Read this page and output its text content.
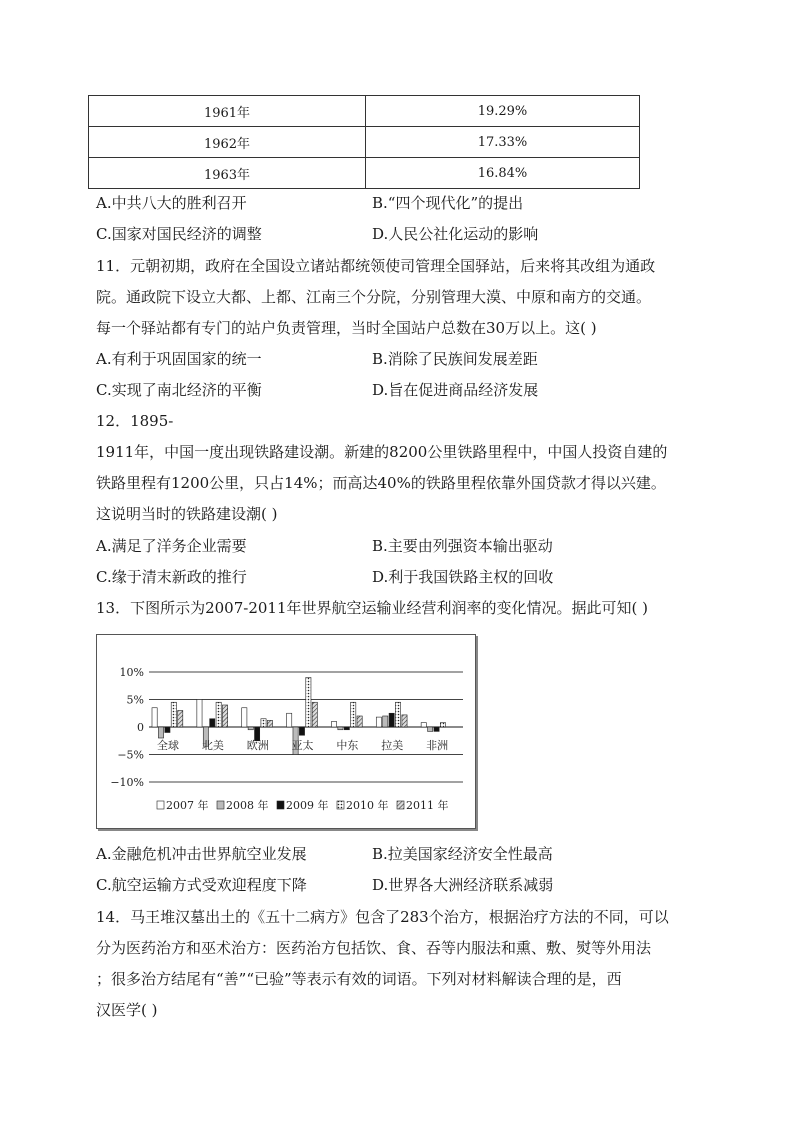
1961年	19.29%
1962年	17.33%
1963年	16.84%
A.中共八大的胜利召开	B.“四个现代化”的提出
C.国家对国民经济的调整	D.人民公社化运动的影响
11．元朝初期，政府在全国设立诸站都统领使司管理全国驿站，后来将其改组为通政
院。通政院下设立大都、上都、江南三个分院，分别管理大漠、中原和南方的交通。
每一个驿站都有专门的站户负责管理，当时全国站户总数在30万以上。这( )
A.有利于巩固国家的统一	B.消除了民族间发展差距
C.实现了南北经济的平衡	D.旨在促进商品经济发展
12．1895-
1911年，中国一度出现铁路建设潮。新建的8200公里铁路里程中，中国人投资自建的
铁路里程有1200公里，只占14%；而高达40%的铁路里程依靠外国贷款才得以兴建。
这说明当时的铁路建设潮( )
A.满足了洋务企业需要	B.主要由列强资本输出驱动
C.缘于清末新政的推行	D.利于我国铁路主权的回收
13．下图所示为2007-2011年世界航空运输业经营利润率的变化情况。据此可知( )
10%
5%
0
−5%
−10%
全球 北美 欧洲 亚太 中东 拉美 非洲
2007 年 2008 年 2009 年 2010 年 2011 年
A.金融危机冲击世界航空业发展	B.拉美国家经济安全性最高
C.航空运输方式受欢迎程度下降	D.世界各大洲经济联系减弱
14．马王堆汉墓出土的《五十二病方》包含了283个治方，根据治疗方法的不同，可以
分为医药治方和巫术治方：医药治方包括饮、食、吞等内服法和熏、敷、熨等外用法
；很多治方结尾有“善”“已验”等表示有效的词语。下列对材料解读合理的是，西
汉医学( )
